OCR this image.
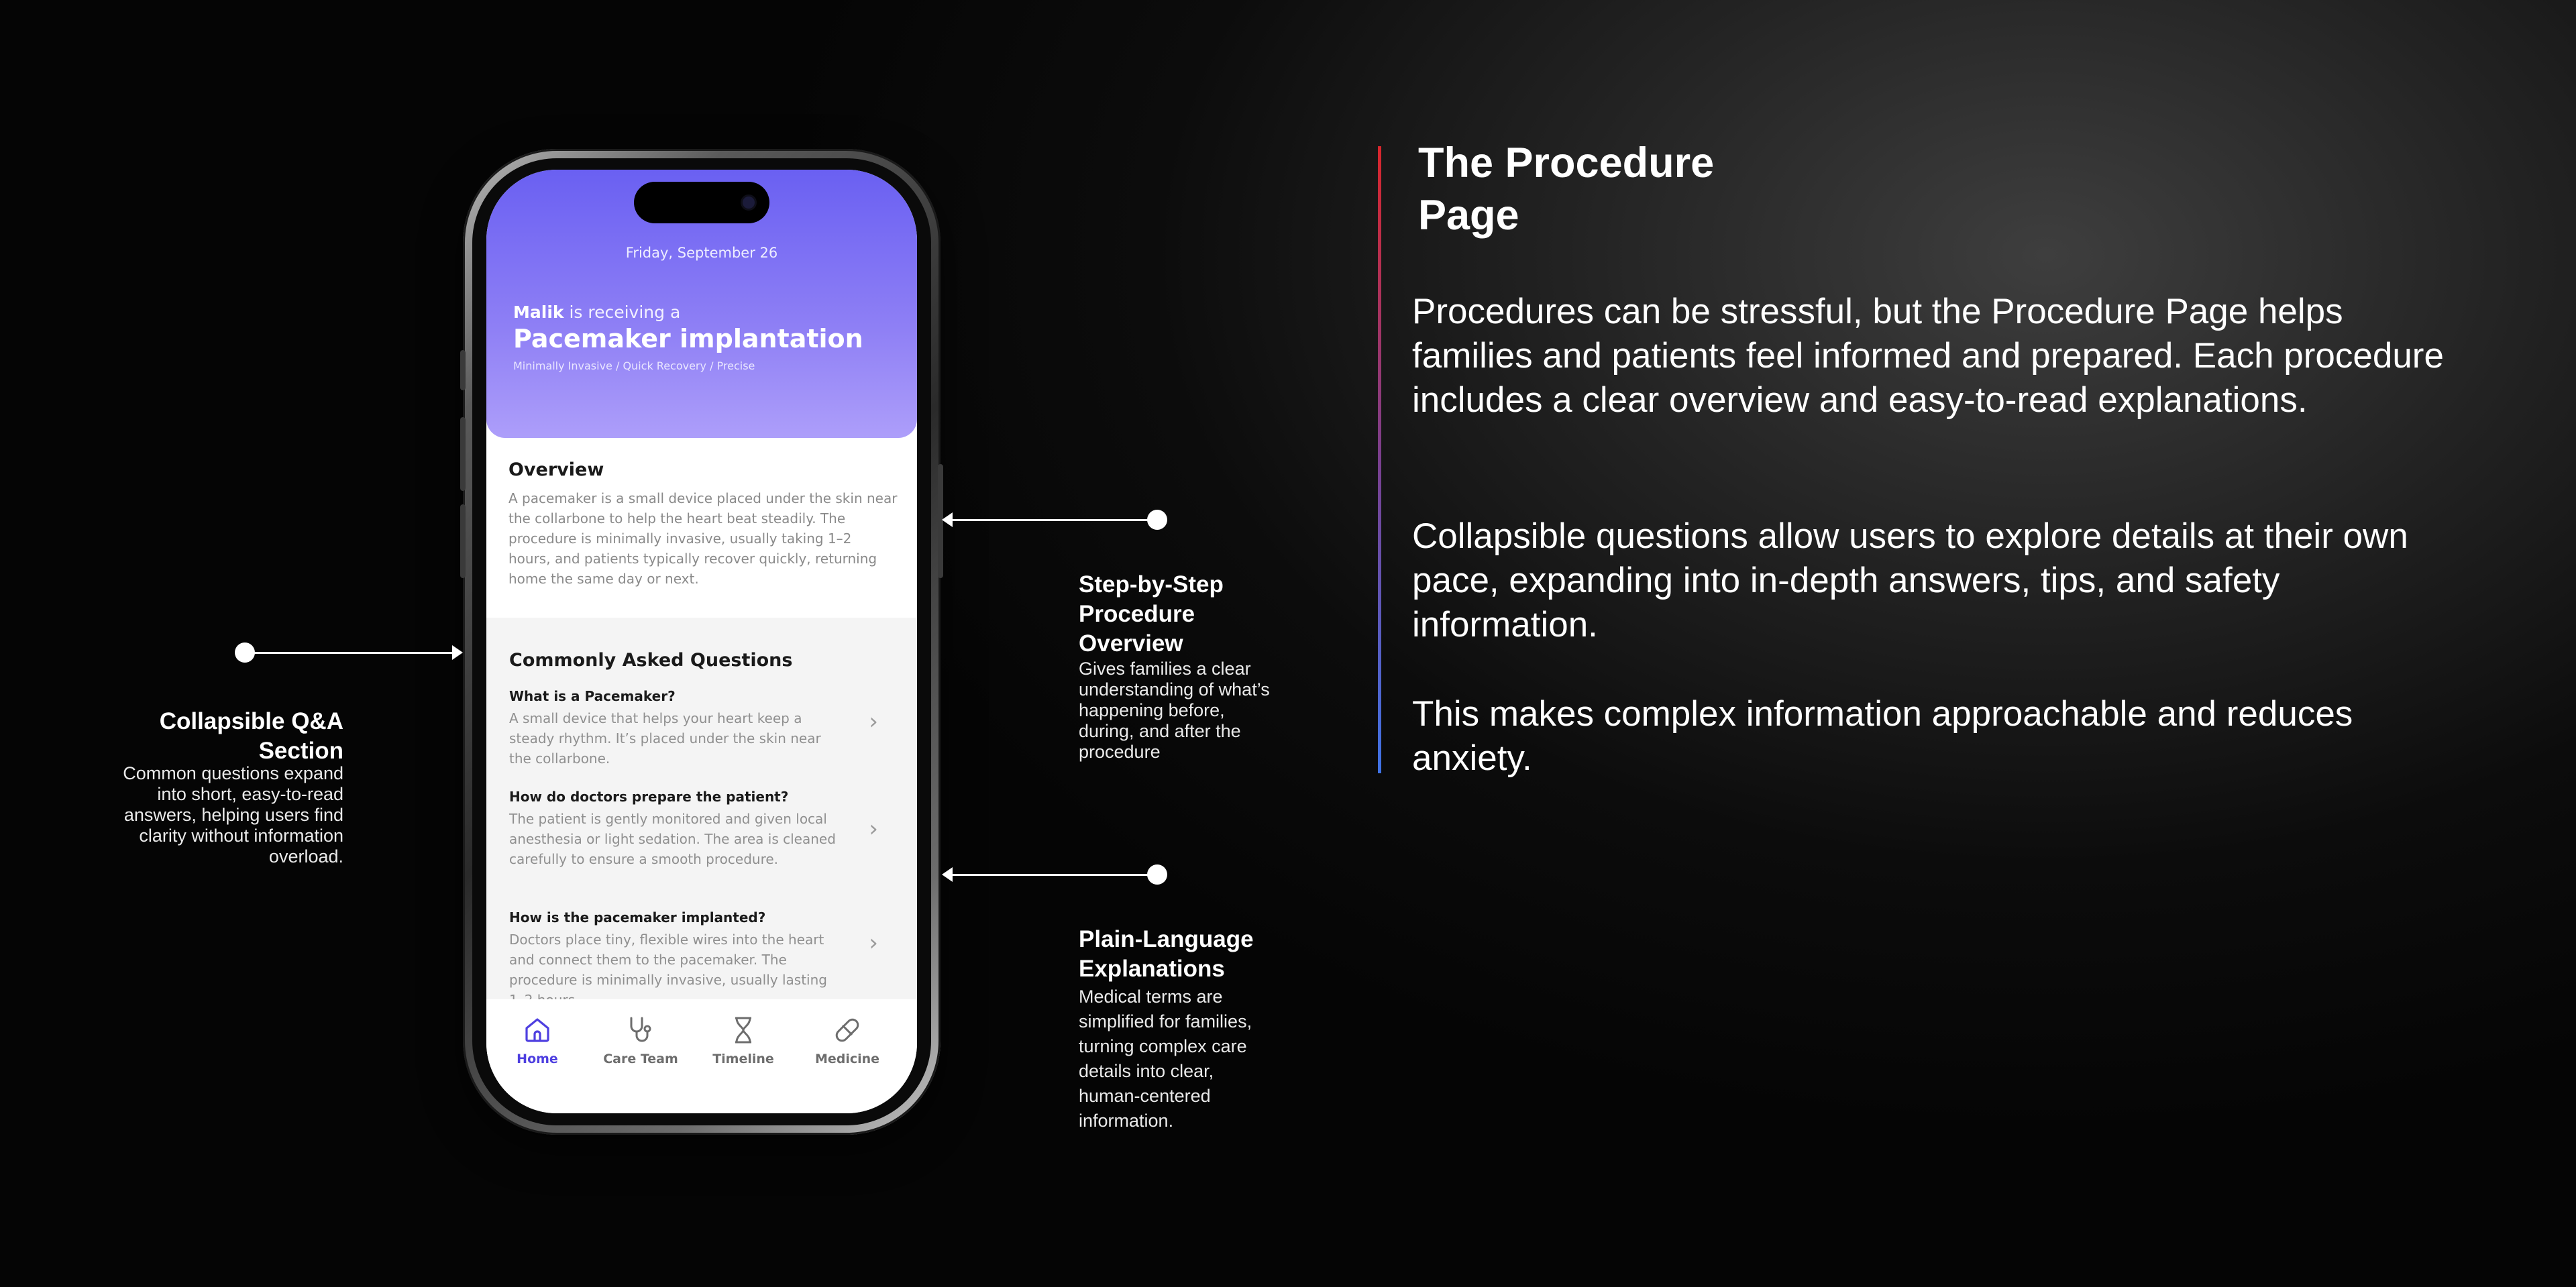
Friday, September 26
Malik is receiving a
Pacemaker implantation
Minimally Invasive / Quick Recovery / Precise
Overview
A pacemaker is a small device placed under the skin near the collarbone to help the heart beat steadily. The procedure is minimally invasive, usually taking 1–2 hours, and patients typically recover quickly, returning home the same day or next.
Commonly Asked Questions
What is a Pacemaker?
A small device that helps your heart keep a steady rhythm. It’s placed under the skin near the collarbone.
›
How do doctors prepare the patient?
The patient is gently monitored and given local anesthesia or light sedation. The area is cleaned carefully to ensure a smooth procedure.
›
How is the pacemaker implanted?
Doctors place tiny, flexible wires into the heart and connect them to the pacemaker. The procedure is minimally invasive, usually lasting
›
Home	Care Team	Timeline	Medicine
Collapsible Q&A Section
Common questions expand into short, easy-to-read answers, helping users find clarity without information overload.
Step-by-Step Procedure Overview
Gives families a clear understanding of what’s happening before, during, and after the procedure
Plain-Language Explanations
Medical terms are simplified for families, turning complex care details into clear, human-centered information.
The Procedure Page
Procedures can be stressful, but the Procedure Page helps families and patients feel informed and prepared. Each procedure includes a clear overview and easy-to-read explanations.
Collapsible questions allow users to explore details at their own pace, expanding into in-depth answers, tips, and safety information.
This makes complex information approachable and reduces anxiety.
